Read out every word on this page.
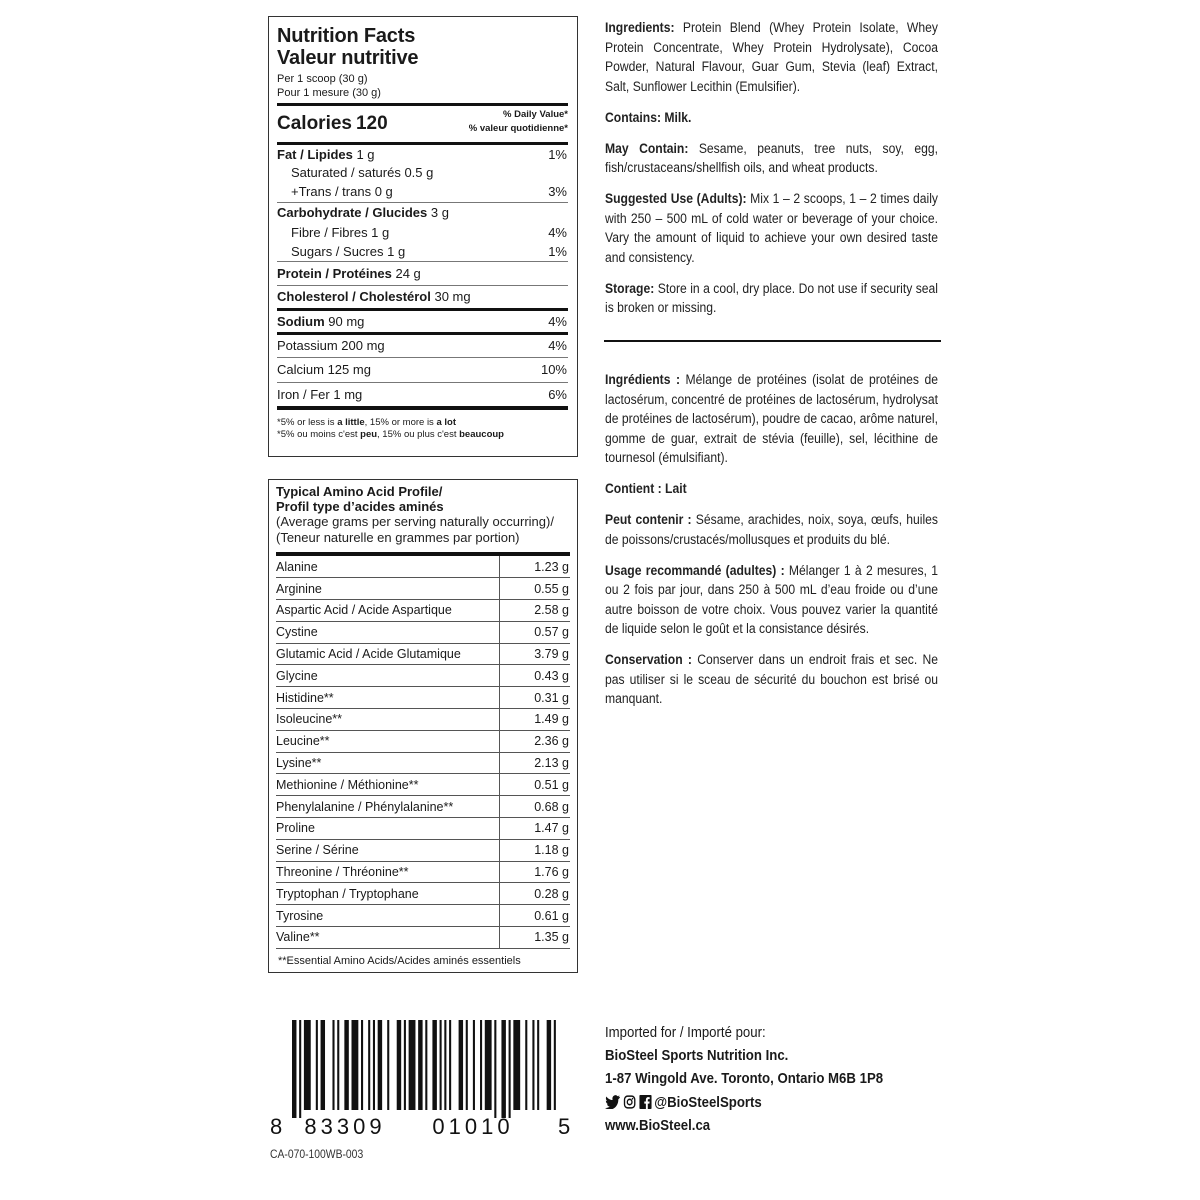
Nutrition Facts
Valeur nutritive
Per 1 scoop (30 g)
Pour 1 mesure (30 g)
Calories 120	% Daily Value*
% valeur quotidienne*
Fat / Lipides 1 g	1%
Saturated / saturés 0.5 g
+Trans / trans 0 g	3%
Carbohydrate / Glucides 3 g
Fibre / Fibres 1 g	4%
Sugars / Sucres 1 g	1%
Protein / Protéines 24 g
Cholesterol / Cholestérol 30 mg
Sodium 90 mg	4%
Potassium 200 mg	4%
Calcium 125 mg	10%
Iron / Fer 1 mg	6%
*5% or less is a little, 15% or more is a lot
*5% ou moins c'est peu, 15% ou plus c'est beaucoup
Typical Amino Acid Profile/
Profil type d’acides aminés
(Average grams per serving naturally occurring)/
(Teneur naturelle en grammes par portion)
Alanine	1.23 g
Arginine	0.55 g
Aspartic Acid / Acide Aspartique	2.58 g
Cystine	0.57 g
Glutamic Acid / Acide Glutamique	3.79 g
Glycine	0.43 g
Histidine**	0.31 g
Isoleucine**	1.49 g
Leucine**	2.36 g
Lysine**	2.13 g
Methionine / Méthionine**	0.51 g
Phenylalanine / Phénylalanine**	0.68 g
Proline	1.47 g
Serine / Sérine	1.18 g
Threonine / Thréonine**	1.76 g
Tryptophan / Tryptophane	0.28 g
Tyrosine	0.61 g
Valine**	1.35 g
**Essential Amino Acids/Acides aminés essentiels

Ingredients: Protein Blend (Whey Protein Isolate, Whey Protein Concentrate, Whey Protein Hydrolysate), Cocoa Powder, Natural Flavour, Guar Gum, Stevia (leaf) Extract, Salt, Sunflower Lecithin (Emulsifier).

Contains: Milk.

May Contain: Sesame, peanuts, tree nuts, soy, egg, fish/crustaceans/shellfish oils, and wheat products.

Suggested Use (Adults): Mix 1 – 2 scoops, 1 – 2 times daily with 250 – 500 mL of cold water or beverage of your choice. Vary the amount of liquid to achieve your own desired taste and consistency.

Storage: Store in a cool, dry place. Do not use if security seal is broken or missing.

Ingrédients : Mélange de protéines (isolat de protéines de lactosérum, concentré de protéines de lactosérum, hydrolysat de protéines de lactosérum), poudre de cacao, arôme naturel, gomme de guar, extrait de stévia (feuille), sel, lécithine de tournesol (émulsifiant).

Contient : Lait

Peut contenir : Sésame, arachides, noix, soya, œufs, huiles de poissons/crustacés/mollusques et produits du blé.

Usage recommandé (adultes) : Mélanger 1 à 2 mesures, 1 ou 2 fois par jour, dans 250 à 500 mL d’eau froide ou d’une autre boisson de votre choix. Vous pouvez varier la quantité de liquide selon le goût et la consistance désirés.

Conservation : Conserver dans un endroit frais et sec. Ne pas utiliser si le sceau de sécurité du bouchon est brisé ou manquant.

8 83309 01010 5
CA-070-100WB-003
Imported for / Importé pour:
BioSteel Sports Nutrition Inc.
1-87 Wingold Ave. Toronto, Ontario M6B 1P8
@BioSteelSports
www.BioSteel.ca
